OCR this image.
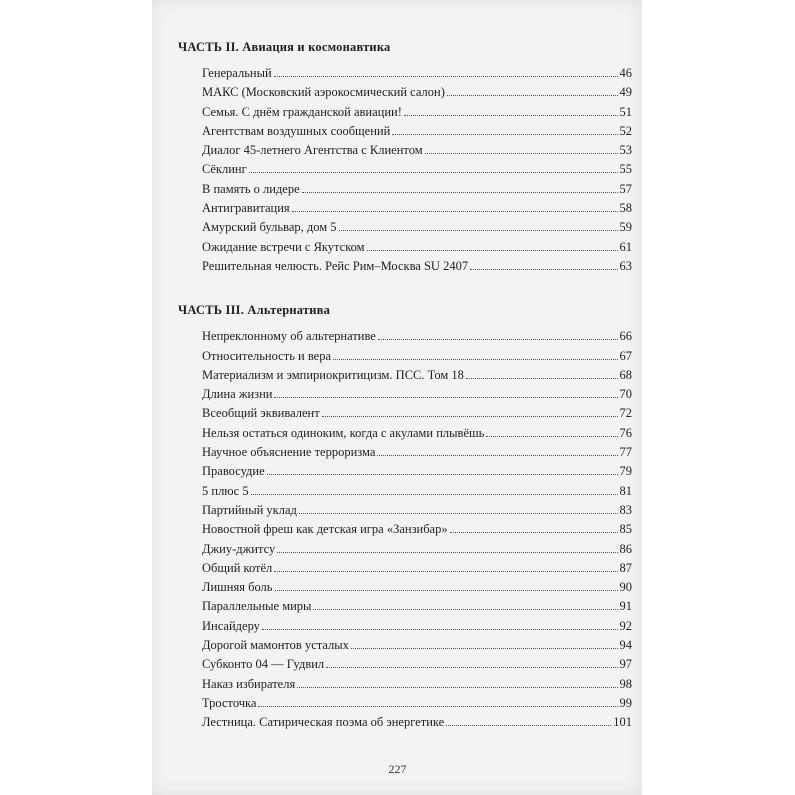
ЧАСТЬ II. Авиация и космонавтика
Генеральный	46
МАКС (Московский аэрокосмический салон)	49
Семья. С днём гражданской авиации!	51
Агентствам воздушных сообщений	52
Диалог 45-летнего Агентства с Клиентом	53
Сёклинг	55
В память о лидере	57
Антигравитация	58
Амурский бульвар, дом 5	59
Ожидание встречи с Якутском	61
Решительная челюсть. Рейс Рим–Москва SU 2407	63
ЧАСТЬ III. Альтернатива
Непреклонному об альтернативе	66
Относительность и вера	67
Материализм и эмпириокритицизм. ПСС. Том 18	68
Длина жизни	70
Всеобщий эквивалент	72
Нельзя остаться одиноким, когда с акулами плывёшь	76
Научное объяснение терроризма	77
Правосудие	79
5 плюс 5	81
Партийный уклад	83
Новостной фреш как детская игра «Занзибар»	85
Джиу-джитсу	86
Общий котёл	87
Лишняя боль	90
Параллельные миры	91
Инсайдеру	92
Дорогой мамонтов усталых	94
Субконто 04 — Гудвил	97
Наказ избирателя	98
Тросточка	99
Лестница. Сатирическая поэма об энергетике	101
227
